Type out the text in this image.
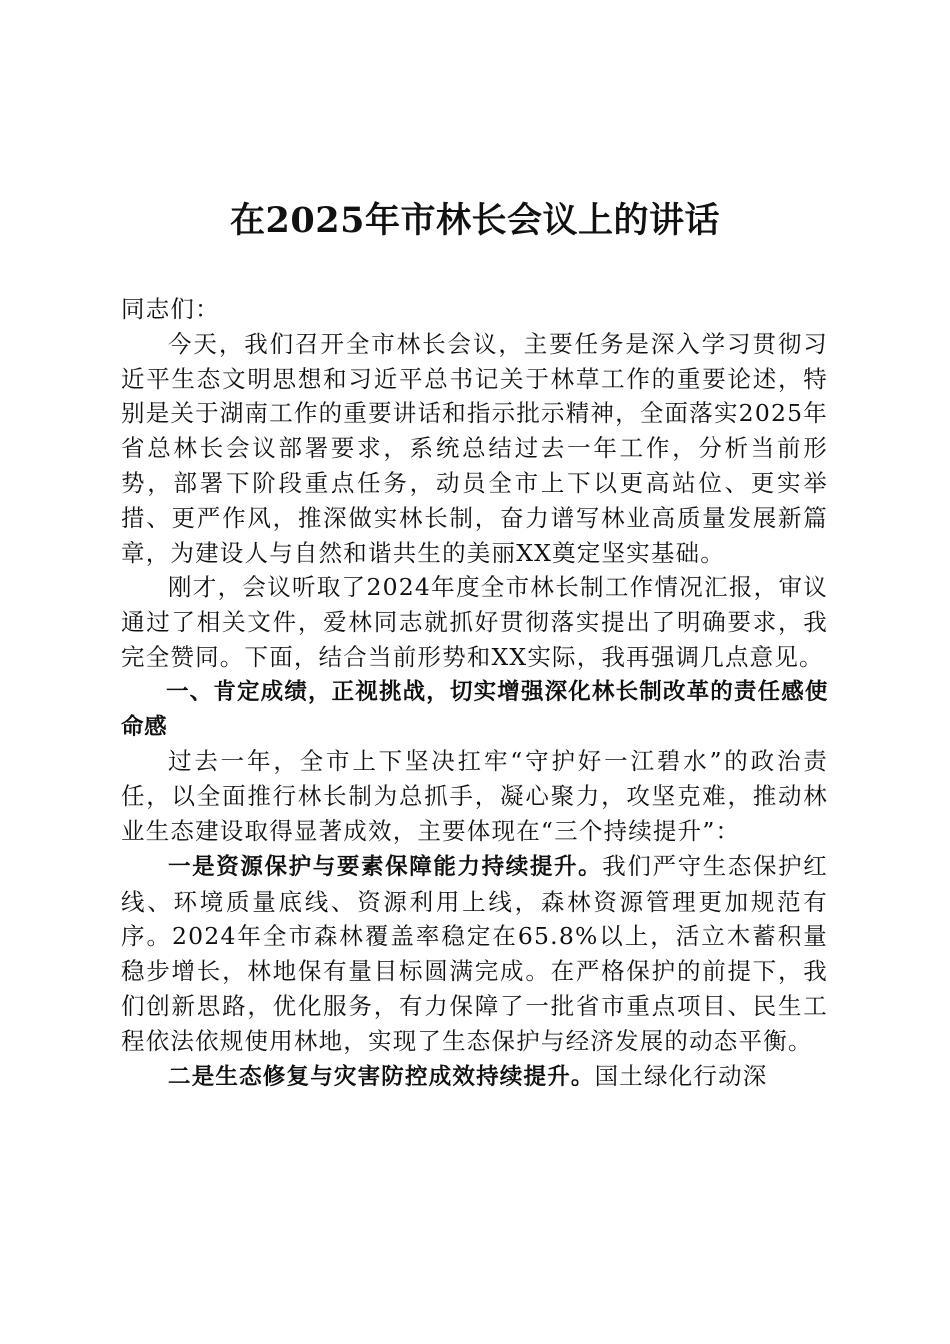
在2025年市林长会议上的讲话

同志们：

今天，我们召开全市林长会议，主要任务是深入学习贯彻习近平生态文明思想和习近平总书记关于林草工作的重要论述，特别是关于湖南工作的重要讲话和指示批示精神，全面落实2025年省总林长会议部署要求，系统总结过去一年工作，分析当前形势，部署下阶段重点任务，动员全市上下以更高站位、更实举措、更严作风，推深做实林长制，奋力谱写林业高质量发展新篇章，为建设人与自然和谐共生的美丽XX奠定坚实基础。

刚才，会议听取了2024年度全市林长制工作情况汇报，审议通过了相关文件，爱林同志就抓好贯彻落实提出了明确要求，我完全赞同。下面，结合当前形势和XX实际，我再强调几点意见。

一、肯定成绩，正视挑战，切实增强深化林长制改革的责任感使命感

过去一年，全市上下坚决扛牢“守护好一江碧水”的政治责任，以全面推行林长制为总抓手，凝心聚力，攻坚克难，推动林业生态建设取得显著成效，主要体现在“三个持续提升”：

一是资源保护与要素保障能力持续提升。我们严守生态保护红线、环境质量底线、资源利用上线，森林资源管理更加规范有序。2024年全市森林覆盖率稳定在65.8%以上，活立木蓄积量稳步增长，林地保有量目标圆满完成。在严格保护的前提下，我们创新思路，优化服务，有力保障了一批省市重点项目、民生工程依法依规使用林地，实现了生态保护与经济发展的动态平衡。

二是生态修复与灾害防控成效持续提升。国土绿化行动深
